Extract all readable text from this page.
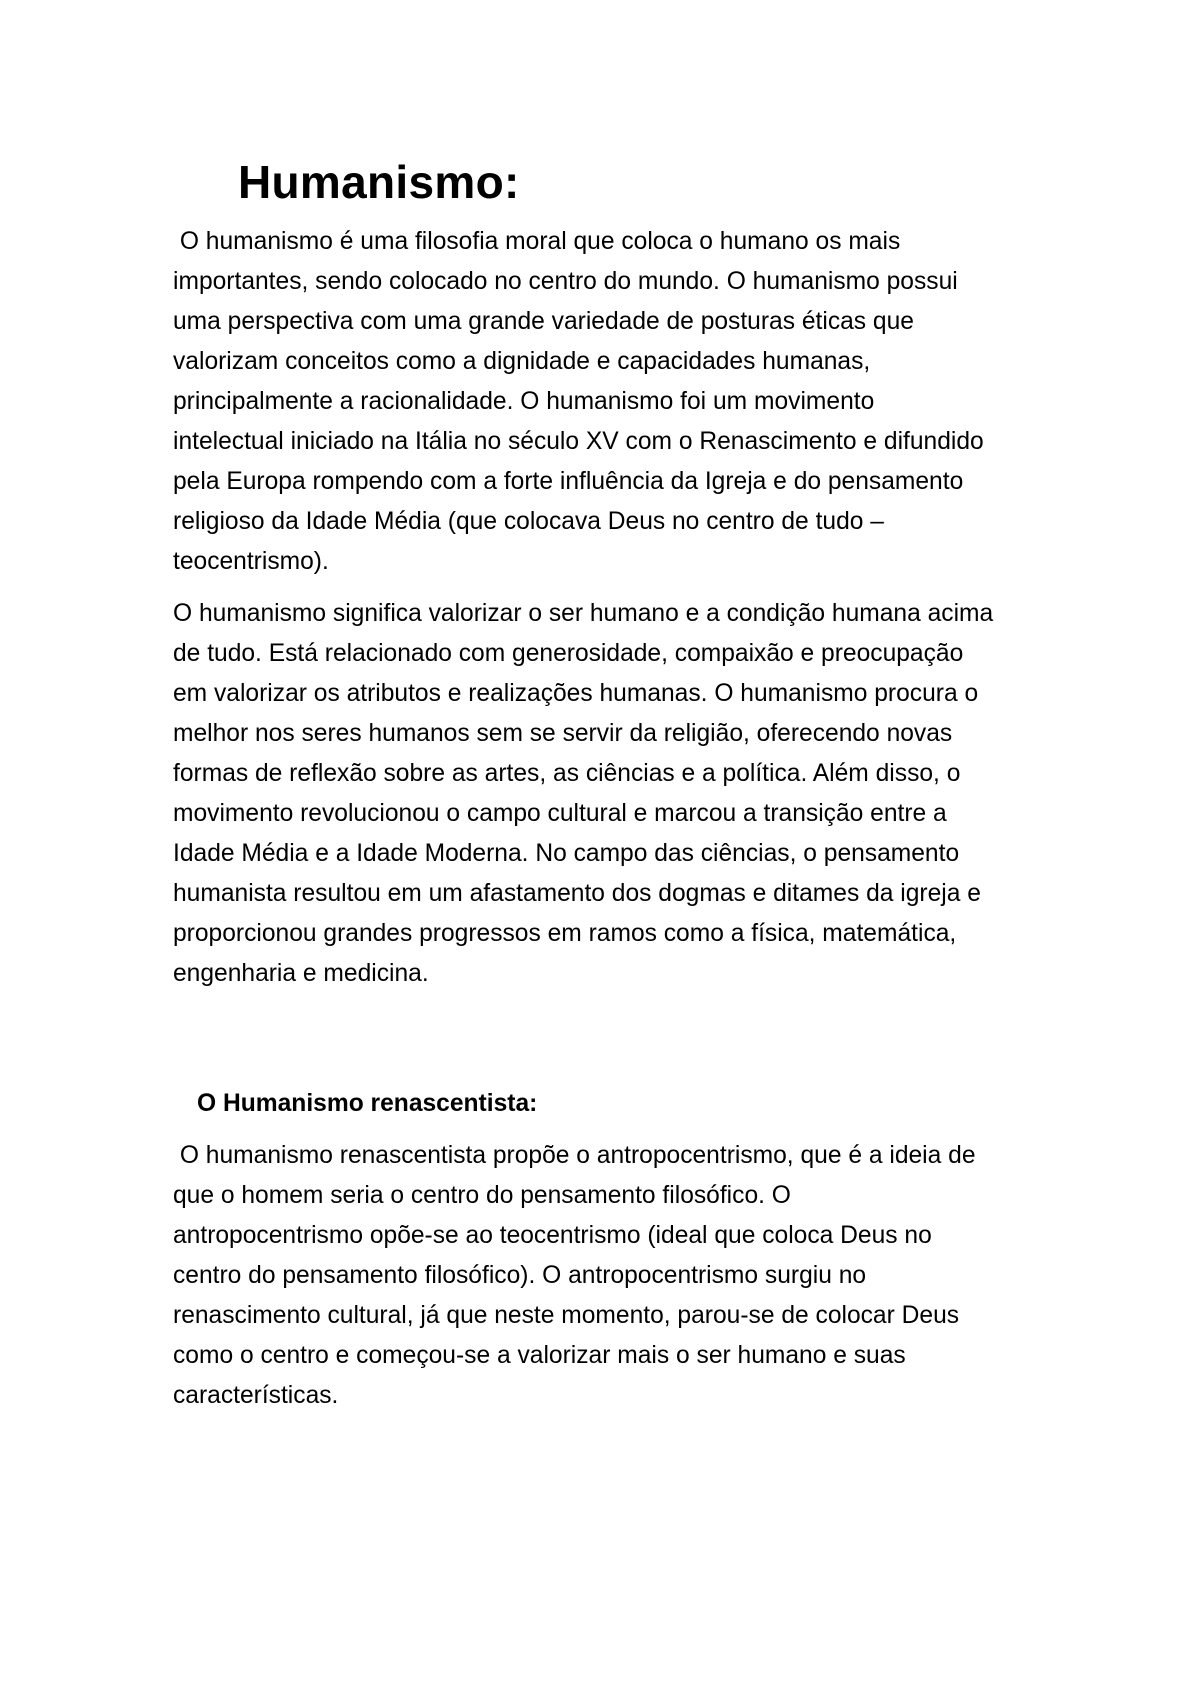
Humanismo:

O humanismo é uma filosofia moral que coloca o humano os mais
importantes, sendo colocado no centro do mundo. O humanismo possui
uma perspectiva com uma grande variedade de posturas éticas que
valorizam conceitos como a dignidade e capacidades humanas,
principalmente a racionalidade. O humanismo foi um movimento
intelectual iniciado na Itália no século XV com o Renascimento e difundido
pela Europa rompendo com a forte influência da Igreja e do pensamento
religioso da Idade Média (que colocava Deus no centro de tudo –
teocentrismo).

O humanismo significa valorizar o ser humano e a condição humana acima
de tudo. Está relacionado com generosidade, compaixão e preocupação
em valorizar os atributos e realizações humanas. O humanismo procura o
melhor nos seres humanos sem se servir da religião, oferecendo novas
formas de reflexão sobre as artes, as ciências e a política. Além disso, o
movimento revolucionou o campo cultural e marcou a transição entre a
Idade Média e a Idade Moderna. No campo das ciências, o pensamento
humanista resultou em um afastamento dos dogmas e ditames da igreja e
proporcionou grandes progressos em ramos como a física, matemática,
engenharia e medicina.

O Humanismo renascentista:

O humanismo renascentista propõe o antropocentrismo, que é a ideia de
que o homem seria o centro do pensamento filosófico. O
antropocentrismo opõe-se ao teocentrismo (ideal que coloca Deus no
centro do pensamento filosófico). O antropocentrismo surgiu no
renascimento cultural, já que neste momento, parou-se de colocar Deus
como o centro e começou-se a valorizar mais o ser humano e suas
características.
